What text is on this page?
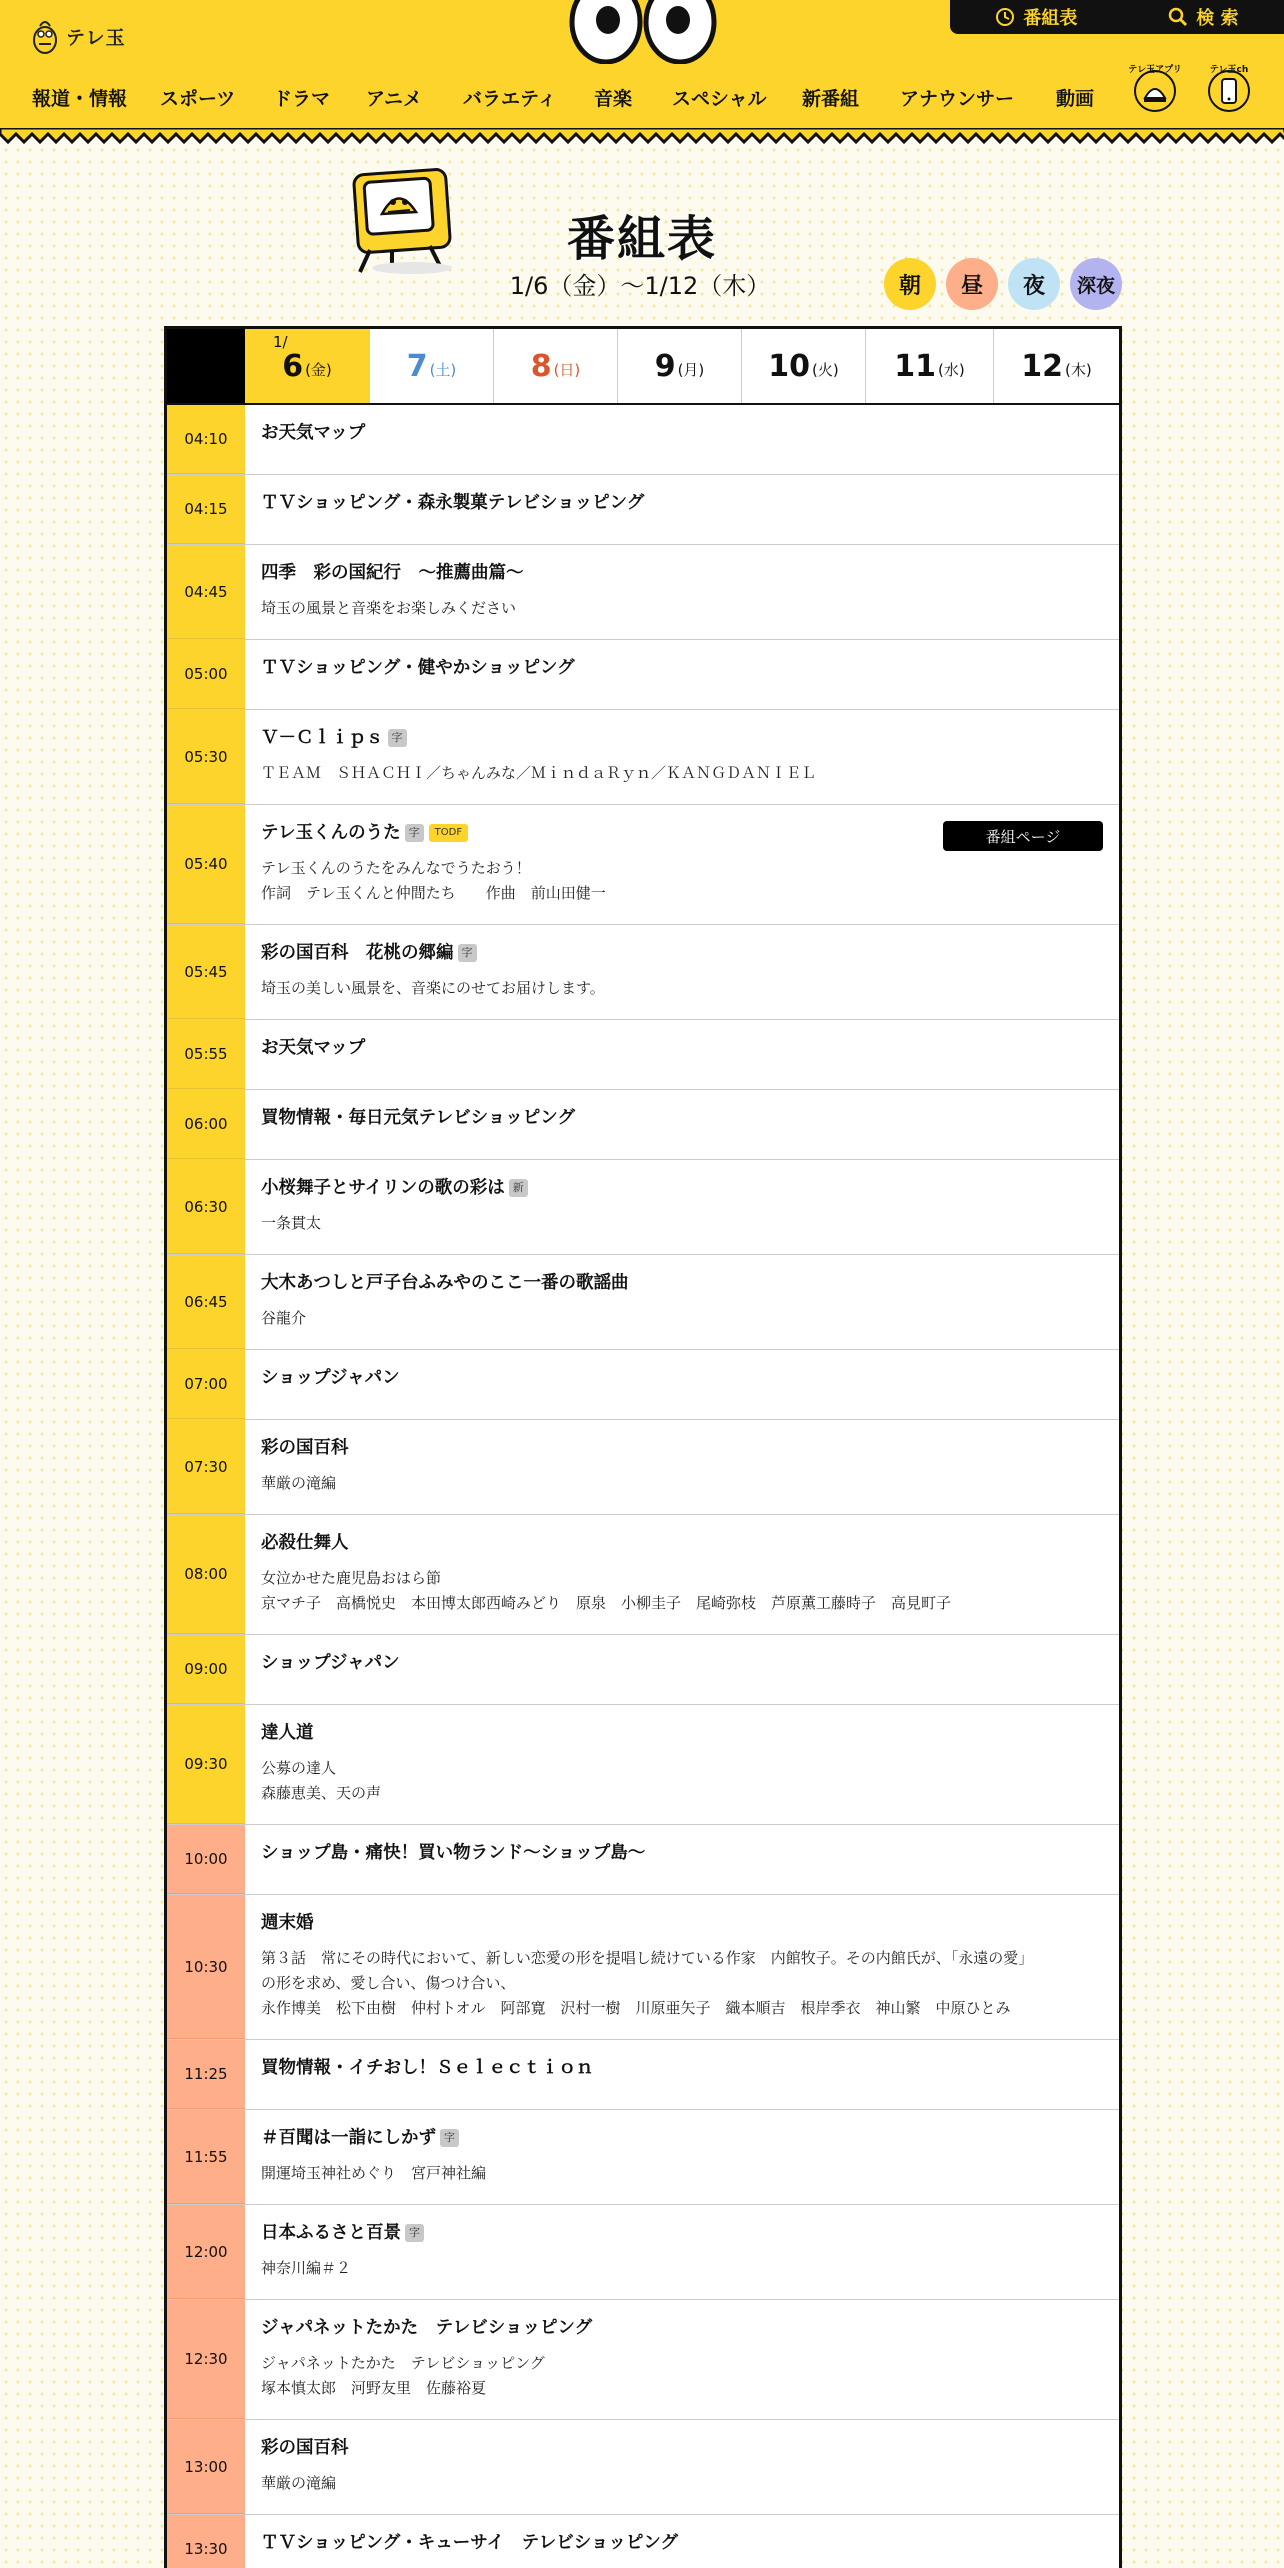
テレ玉
番組表	検 索
報道・情報 スポーツ ドラマ アニメ バラエティ 音楽 スペシャル 新番組 アナウンサー 動画
テレ玉アプリ	テレ玉ch
番組表
1/6（金）〜1/12（木）	朝	昼	夜	深夜
1/
6 (金) 7 (土) 8 (日) 9 (月) 10 (火) 11 (水) 12 (木)
04:10	お天気マップ
04:15	ＴＶショッピング・森永製菓テレビショッピング
04:45
四季　彩の国紀行　～推薦曲篇～
埼玉の風景と音楽をお楽しみください
05:00	ＴＶショッピング・健やかショッピング
05:30
Ｖ－Ｃｌｉｐｓ 字
ＴＥＡＭ　ＳＨＡＣＨＩ／ちゃんみな／ＭｉｎｄａＲｙｎ／ＫＡＮＧＤＡＮＩＥＬ
05:40
テレ玉くんのうた 字	TODF
テレ玉くんのうたをみんなでうたおう！
作詞　テレ玉くんと仲間たち　　作曲　前山田健一
番組ページ
05:45
彩の国百科　花桃の郷編 字
埼玉の美しい風景を、音楽にのせてお届けします。
05:55	お天気マップ
06:00	買物情報・毎日元気テレビショッピング
06:30
小桜舞子とサイリンの歌の彩は 新
一条貫太
06:45
大木あつしと戸子台ふみやのここ一番の歌謡曲
谷龍介
07:00	ショップジャパン
07:30
彩の国百科
華厳の滝編
08:00
必殺仕舞人
女泣かせた鹿児島おはら節
京マチ子　高橋悦史　本田博太郎西崎みどり　原泉　小柳圭子　尾崎弥枝　芦原薫工藤時子　高見町子
09:00	ショップジャパン
09:30
達人道
公募の達人
森藤恵美、天の声
10:00	ショップ島・痛快！買い物ランド～ショップ島～
10:30
週末婚
第３話　常にその時代において、新しい恋愛の形を提唱し続けている作家　内館牧子。その内館氏が、「永遠の愛」
の形を求め、愛し合い、傷つけ合い、
永作博美　松下由樹　仲村トオル　阿部寛　沢村一樹　川原亜矢子　織本順吉　根岸季衣　神山繁　中原ひとみ
11:25	買物情報・イチおし！Ｓｅｌｅｃｔｉｏｎ
11:55
＃百聞は一詣にしかず 字
開運埼玉神社めぐり　宮戸神社編
12:00
日本ふるさと百景 字
神奈川編＃２
12:30
ジャパネットたかた　テレビショッピング
ジャパネットたかた　テレビショッピング
塚本慎太郎　河野友里　佐藤裕夏
13:00
彩の国百科
華厳の滝編
13:30	ＴＶショッピング・キューサイ　テレビショッピング
